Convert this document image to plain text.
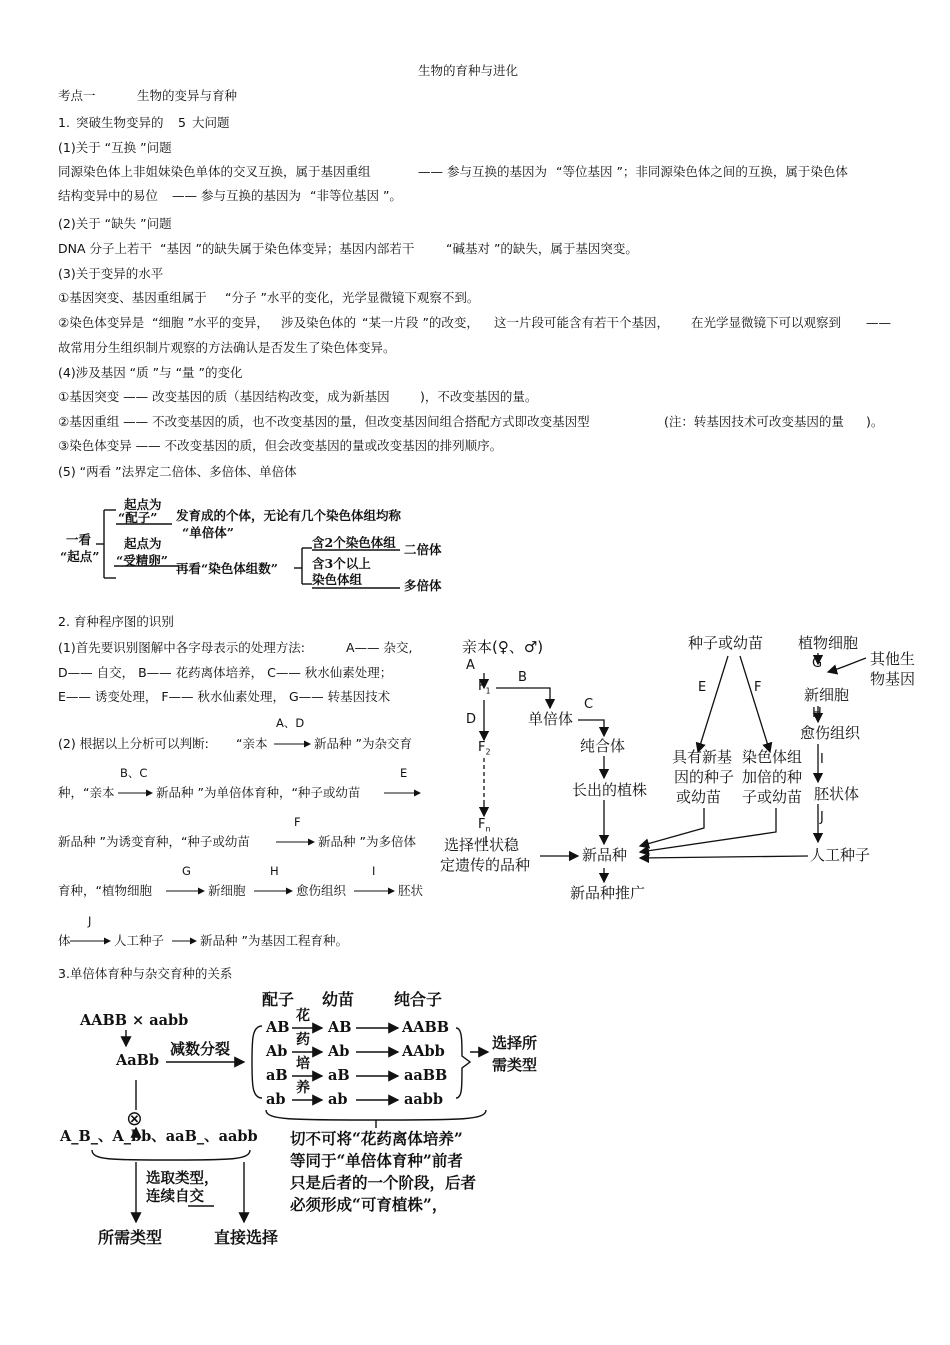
生物的育种与进化
考点一	生物的变异与育种
1. 突破生物变异的 5 大问题
(1)关于 “互换 ”问题
同源染色体上非姐妹染色单体的交叉互换，属于基因重组	—— 参与互换的基因为 “等位基因 ”；非同源染色体之间的互换，属于染色体
结构变异中的易位 —— 参与互换的基因为 “非等位基因 ”。
(2)关于 “缺失 ”问题
DNA 分子上若干 “基因 ”的缺失属于染色体变异；基因内部若干	“碱基对 ”的缺失，属于基因突变。
(3)关于变异的水平
①基因突变、基因重组属于 “分子 ”水平的变化，光学显微镜下观察不到。
②染色体变异是 “细胞 ”水平的变异， 涉及染色体的 “某一片段 ”的改变， 这一片段可能含有若干个基因， 在光学显微镜下可以观察到 ——
故常用分生组织制片观察的方法确认是否发生了染色体变异。
(4)涉及基因 “质 ”与 “量 ”的变化
①基因突变 —— 改变基因的质（基因结构改变，成为新基因 )，不改变基因的量。
②基因重组 —— 不改变基因的质，也不改变基因的量，但改变基因间组合搭配方式即改变基因型	(注：转基因技术可改变基因的量 )。
③染色体变异 —— 不改变基因的质，但会改变基因的量或改变基因的排列顺序。
(5) “两看 ”法界定二倍体、多倍体、单倍体
一看
“起点”
起点为
“配子” 发育成的个体，无论有几个染色体组均称
“单倍体”
起点为
“受精卵”
再看“染色体组数”
含2个染色体组 二倍体
含3个以上
染色体组	多倍体
2. 育种程序图的识别
(1)首先要识别图解中各字母表示的处理方法:	A—— 杂交,
D—— 自交， B—— 花药离体培养， C—— 秋水仙素处理；
E—— 诱变处理， F—— 秋水仙素处理， G—— 转基因技术
A、D
(2) 根据以上分析可以判断: “亲本	新品种 ”为杂交育
B、C	E
种，“亲本	新品种 ”为单倍体育种，“种子或幼苗
F
新品种 ”为诱变育种，“种子或幼苗	新品种 ”为多倍体
G	H	I
育种，“植物细胞	新细胞	愈伤组织	胚状
J
体	人工种子	新品种 ”为基因工程育种。
亲本(♀、♂)
A
$F_1$
B
D
C
单倍体
$F_2$	纯合体
长出的植株
$F_n$
选择性状稳
定遗传的品种
新品种
新品种推广
种子或幼苗
E	F
具有新基
因的种子
或幼苗
染色体组
加倍的种
子或幼苗
植物细胞
G	其他生
物基因
新细胞
H
愈伤组织
I
胚状体
J
人工种子
3.单倍体育种与杂交育种的关系
配子 幼苗 纯合子
AABB × aabb
AaBb
减数分裂
AB
Ab
aB
ab
花
药
培
养
AB
Ab
aB
ab
AABB
AAbb
aaBB
aabb
选择所
需类型
⊗
A_B_、A_bb、aaB_、aabb
选取类型，
连续自交
所需类型	直接选择
切不可将“花药离体培养”
等同于“单倍体育种”前者
只是后者的一个阶段，后者
必须形成“可育植株”，
